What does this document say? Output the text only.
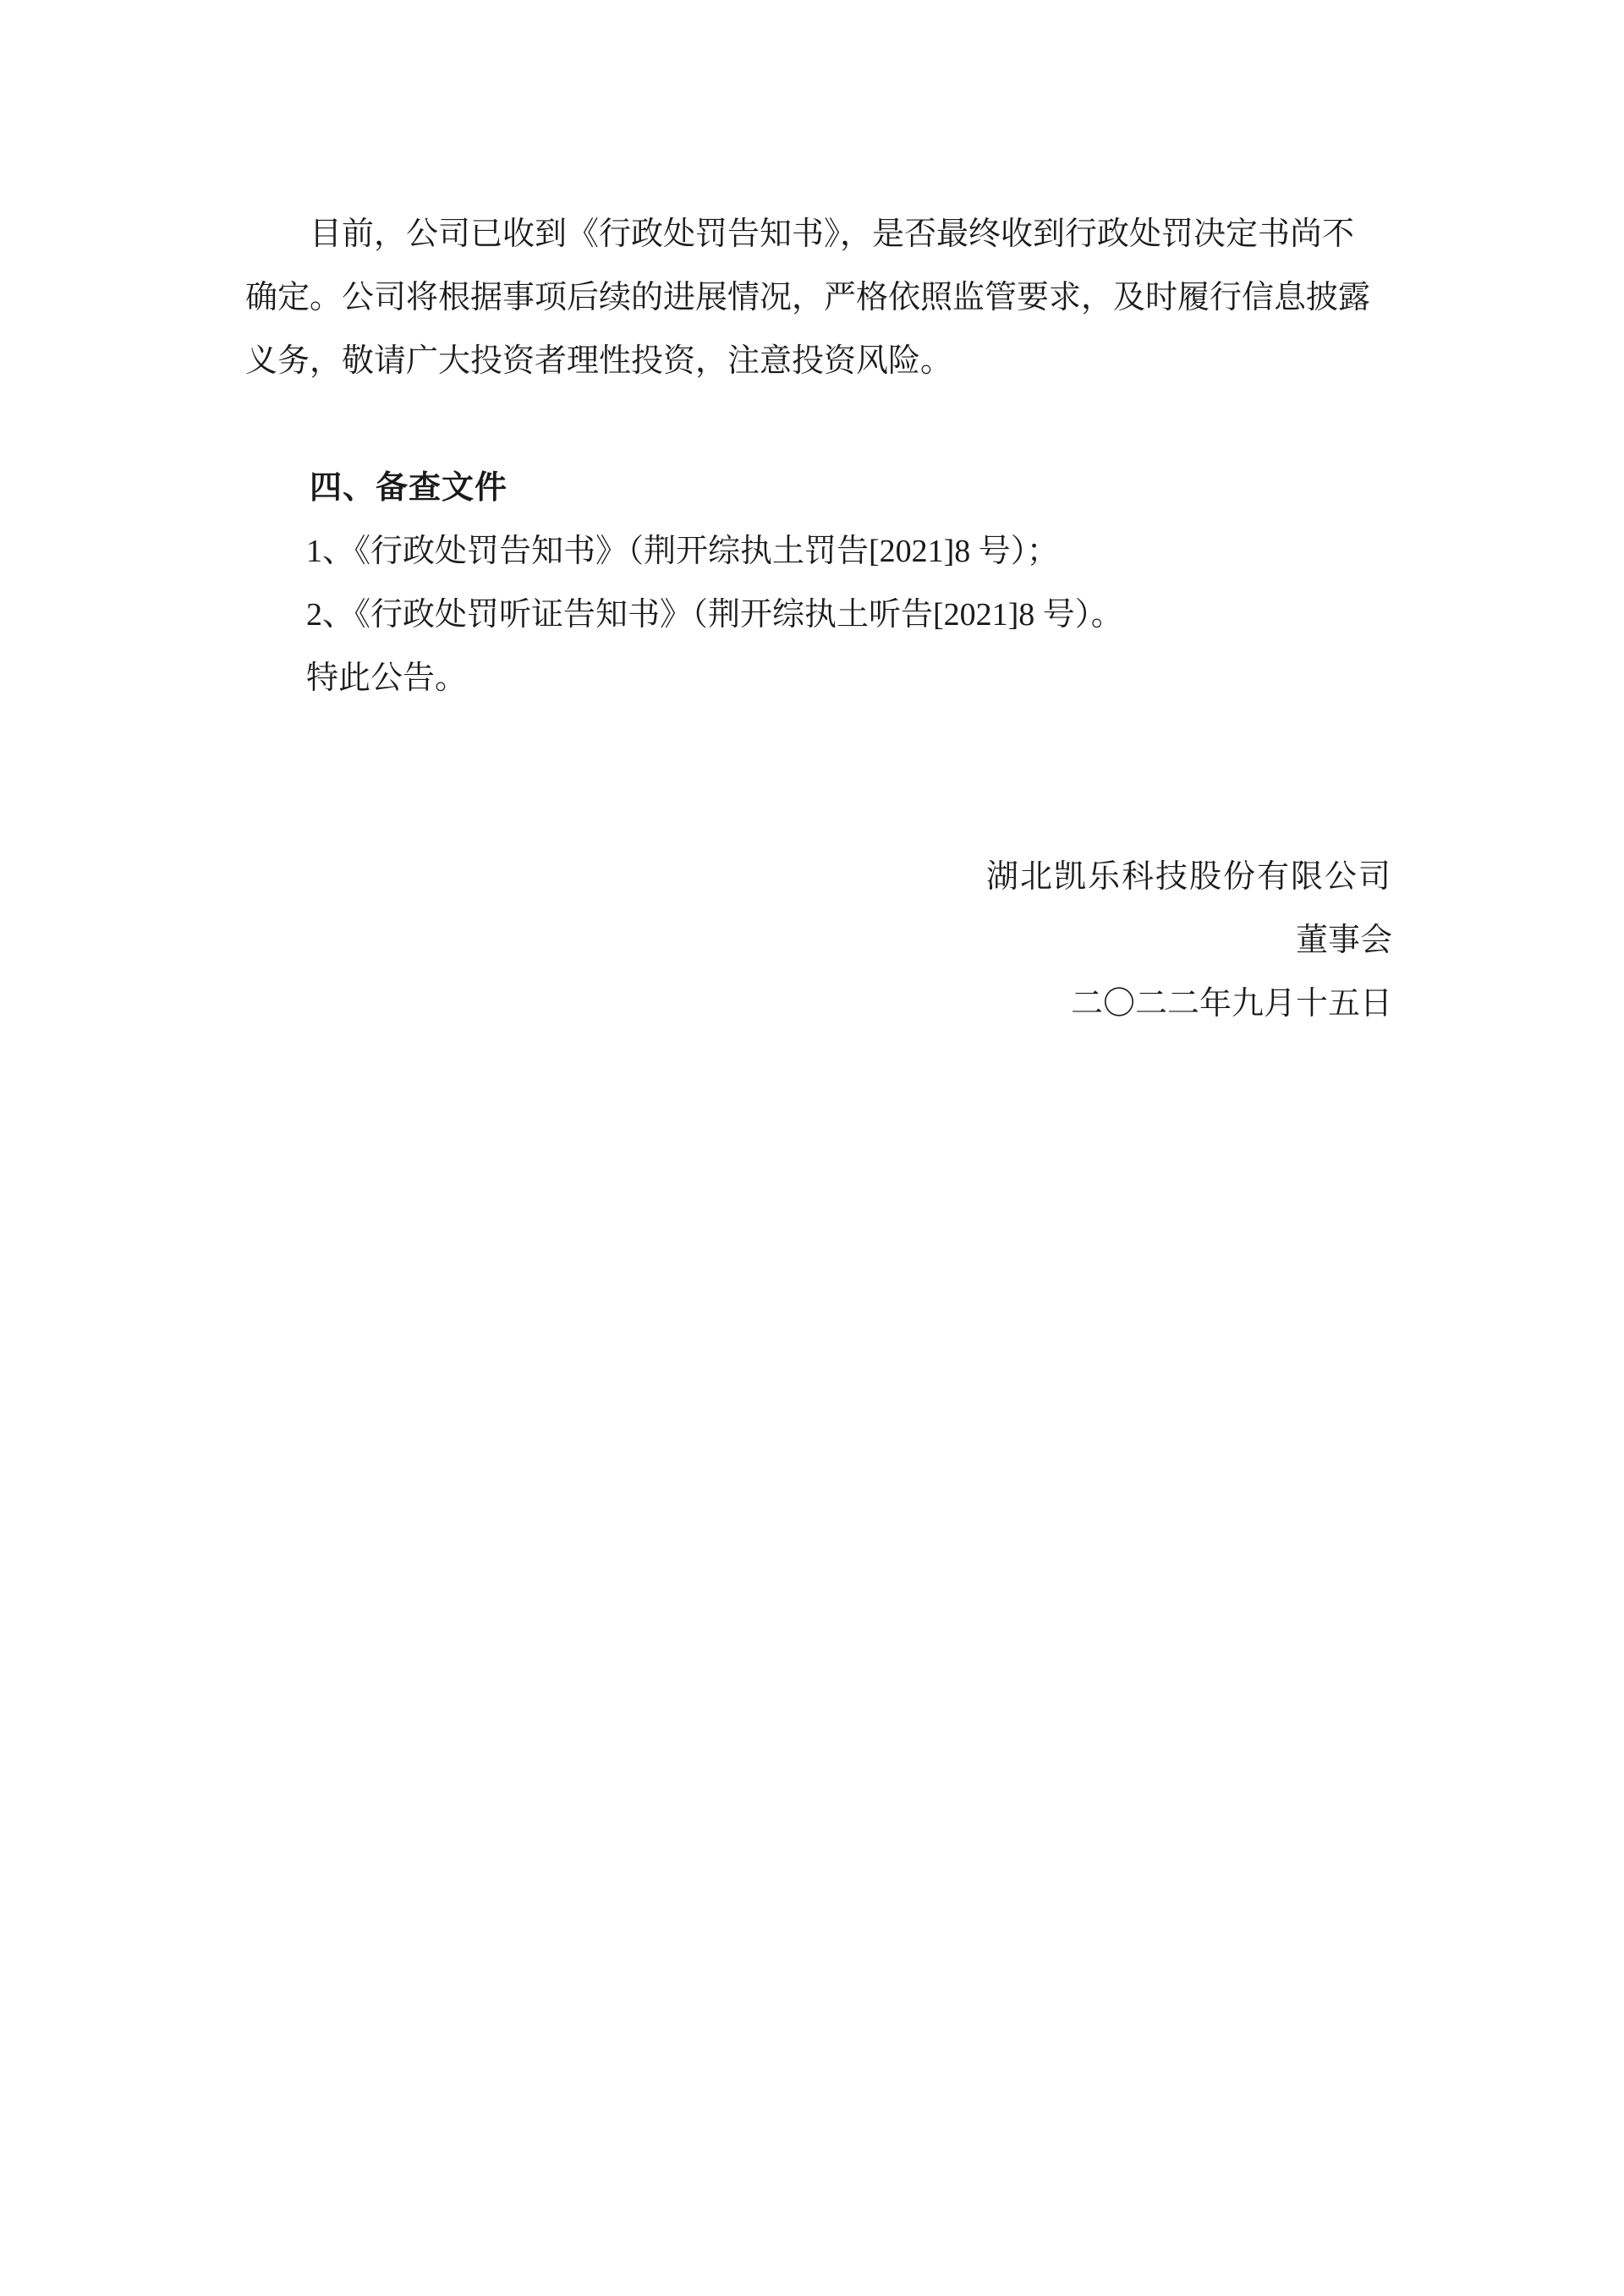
目前，公司已收到《行政处罚告知书》，是否最终收到行政处罚决定书尚不
确定。公司将根据事项后续的进展情况，严格依照监管要求，及时履行信息披露
义务，敬请广大投资者理性投资，注意投资风险。
四、备查文件

1、《行政处罚告知书》（荆开综执土罚告[2021]8 号）；

2、《行政处罚听证告知书》（荆开综执土听告[2021]8 号）。

特此公告。

湖北凯乐科技股份有限公司

董事会

二〇二二年九月十五日
